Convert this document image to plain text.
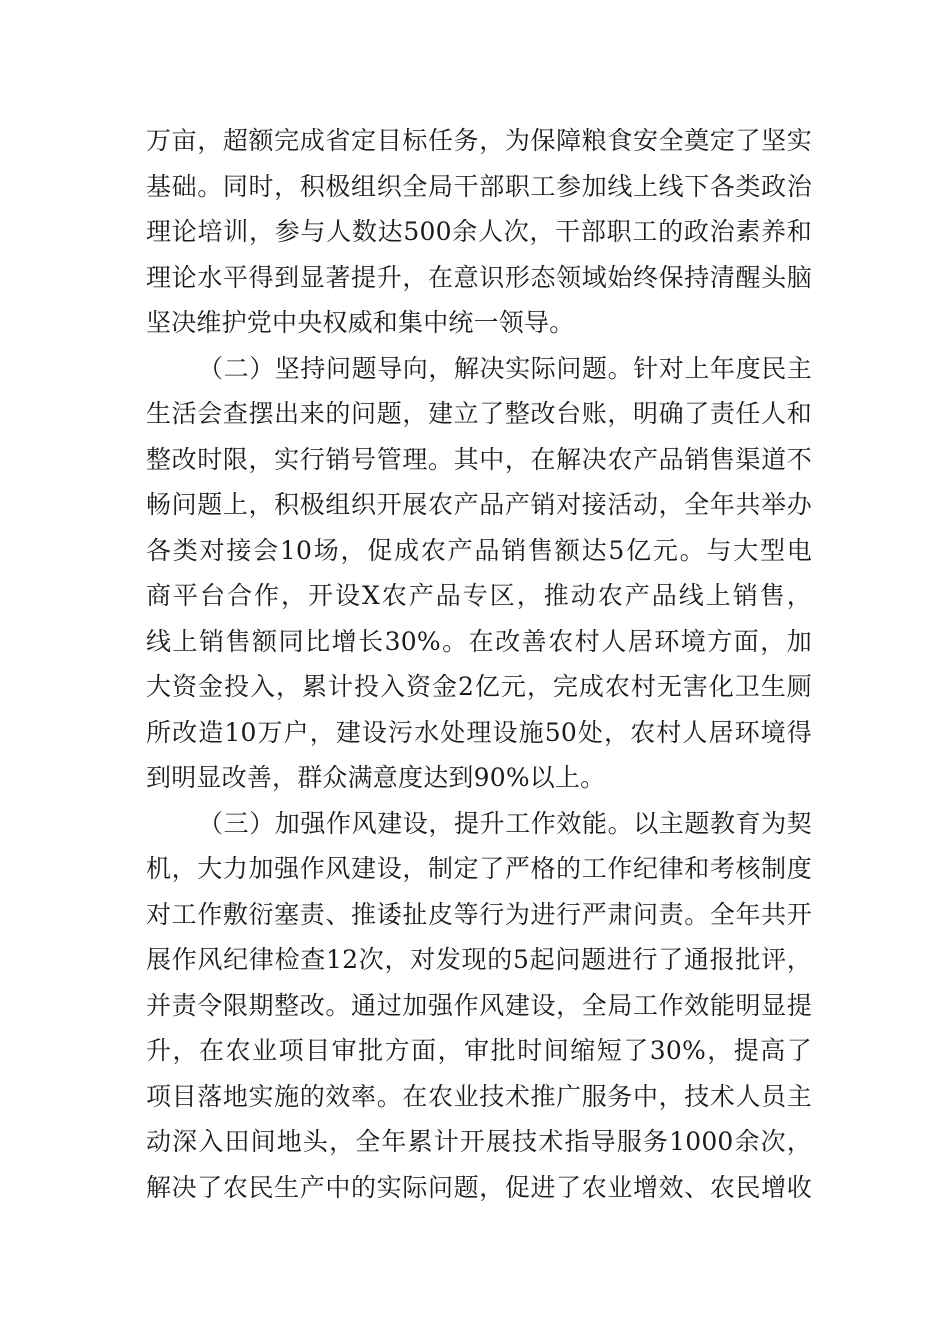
万亩，超额完成省定目标任务，为保障粮食安全奠定了坚实
基础。同时，积极组织全局干部职工参加线上线下各类政治
理论培训，参与人数达500余人次，干部职工的政治素养和
理论水平得到显著提升，在意识形态领域始终保持清醒头脑
坚决维护党中央权威和集中统一领导。
（二）坚持问题导向，解决实际问题。针对上年度民主
生活会查摆出来的问题，建立了整改台账，明确了责任人和
整改时限，实行销号管理。其中，在解决农产品销售渠道不
畅问题上，积极组织开展农产品产销对接活动，全年共举办
各类对接会10场，促成农产品销售额达5亿元。与大型电
商平台合作，开设X农产品专区，推动农产品线上销售，
线上销售额同比增长30%。在改善农村人居环境方面，加
大资金投入，累计投入资金2亿元，完成农村无害化卫生厕
所改造10万户，建设污水处理设施50处，农村人居环境得
到明显改善，群众满意度达到90%以上。
（三）加强作风建设，提升工作效能。以主题教育为契
机，大力加强作风建设，制定了严格的工作纪律和考核制度
对工作敷衍塞责、推诿扯皮等行为进行严肃问责。全年共开
展作风纪律检查12次，对发现的5起问题进行了通报批评，
并责令限期整改。通过加强作风建设，全局工作效能明显提
升，在农业项目审批方面，审批时间缩短了30%，提高了
项目落地实施的效率。在农业技术推广服务中，技术人员主
动深入田间地头，全年累计开展技术指导服务1000余次，
解决了农民生产中的实际问题，促进了农业增效、农民增收
